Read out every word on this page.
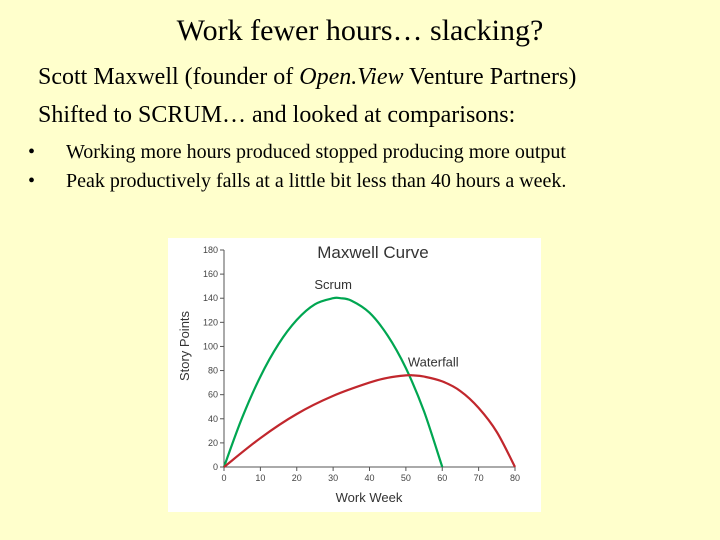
Work fewer hours… slacking?
Scott Maxwell (founder of Open.View Venture Partners)
Shifted to SCRUM… and looked at comparisons:
• Working more hours produced stopped producing more output
• Peak productively falls at a little bit less than 40 hours a week.
Maxwell Curve
Story Points
Work Week
0
20
40
60
80
100
120
140
160
180
0	10	20	30	40	50	60	70	80
Scrum
Waterfall
